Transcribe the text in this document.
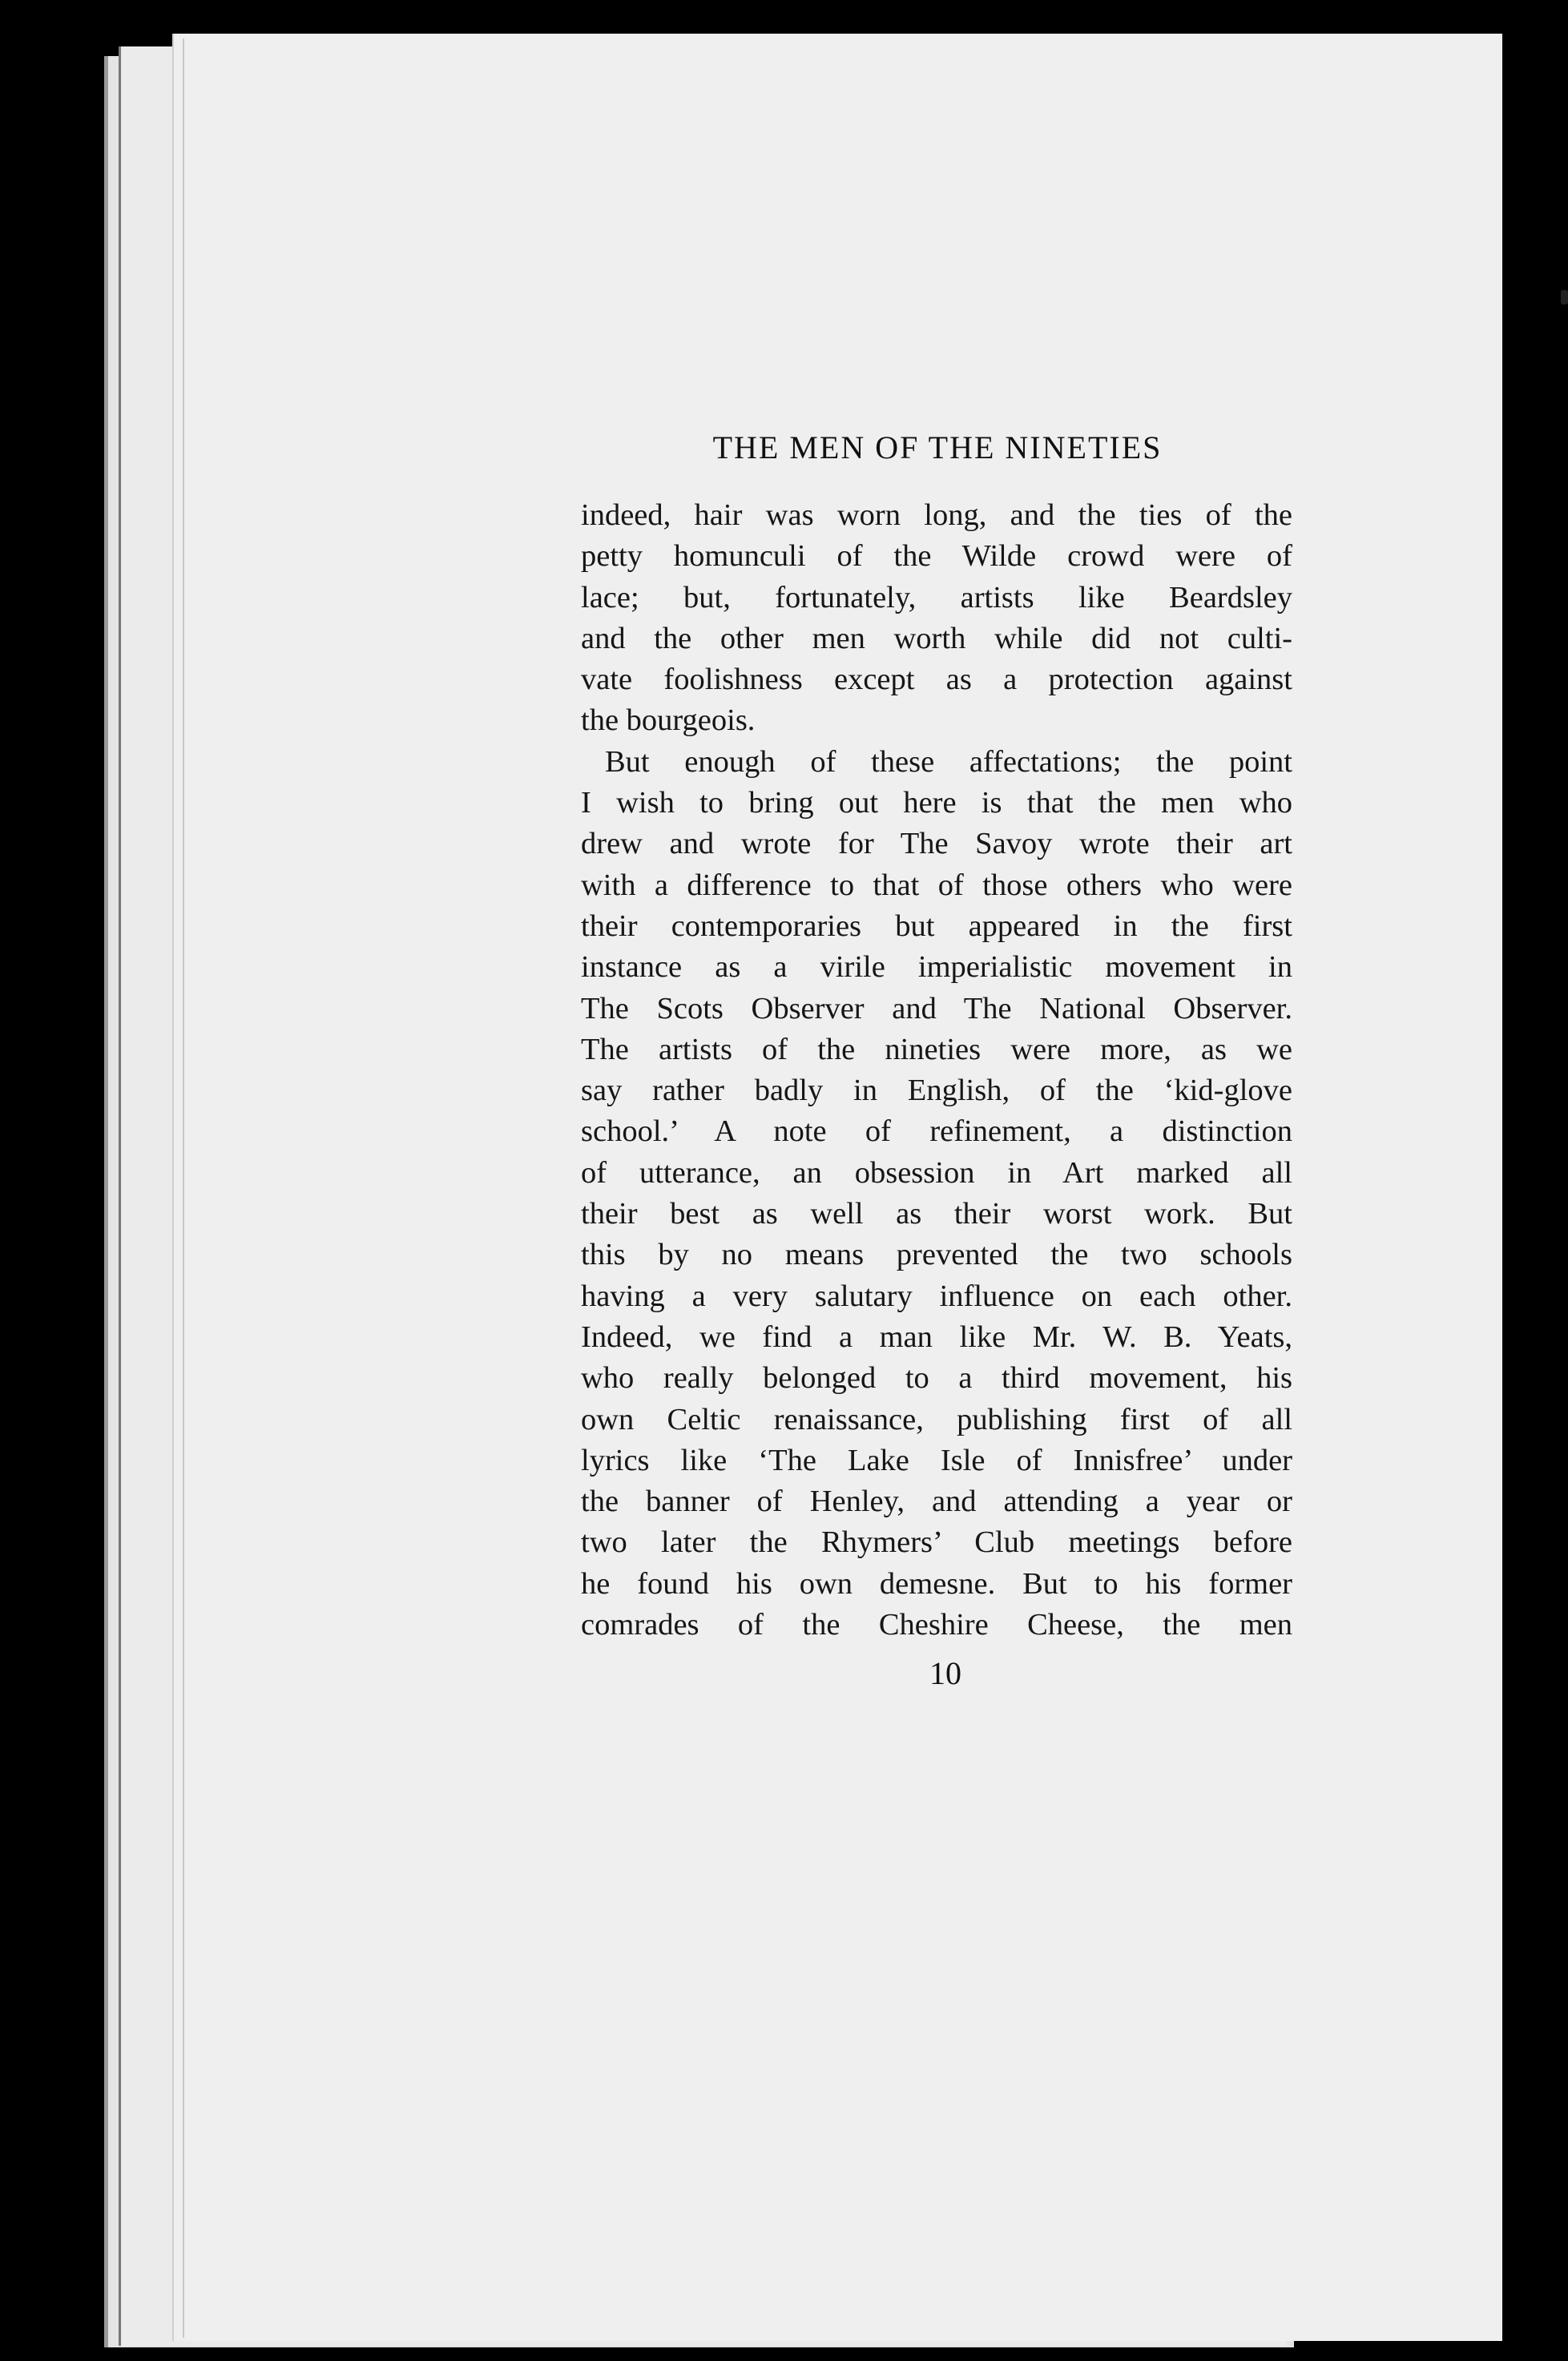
THE MEN OF THE NINETIES

indeed, hair was worn long, and the ties of the

petty homunculi of the Wilde crowd were of

lace; but, fortunately, artists like Beardsley

and the other men worth while did not culti-

vate foolishness except as a protection against

the bourgeois.

But enough of these affectations; the point

I wish to bring out here is that the men who

drew and wrote for The Savoy wrote their art

with a difference to that of those others who were

their contemporaries but appeared in the first

instance as a virile imperialistic movement in

The Scots Observer and The National Observer.

The artists of the nineties were more, as we

say rather badly in English, of the ‘kid-glove

school.’ A note of refinement, a distinction

of utterance, an obsession in Art marked all

their best as well as their worst work. But

this by no means prevented the two schools

having a very salutary influence on each other.

Indeed, we find a man like Mr. W. B. Yeats,

who really belonged to a third movement, his

own Celtic renaissance, publishing first of all

lyrics like ‘The Lake Isle of Innisfree’ under

the banner of Henley, and attending a year or

two later the Rhymers’ Club meetings before

he found his own demesne. But to his former

comrades of the Cheshire Cheese, the men

10
